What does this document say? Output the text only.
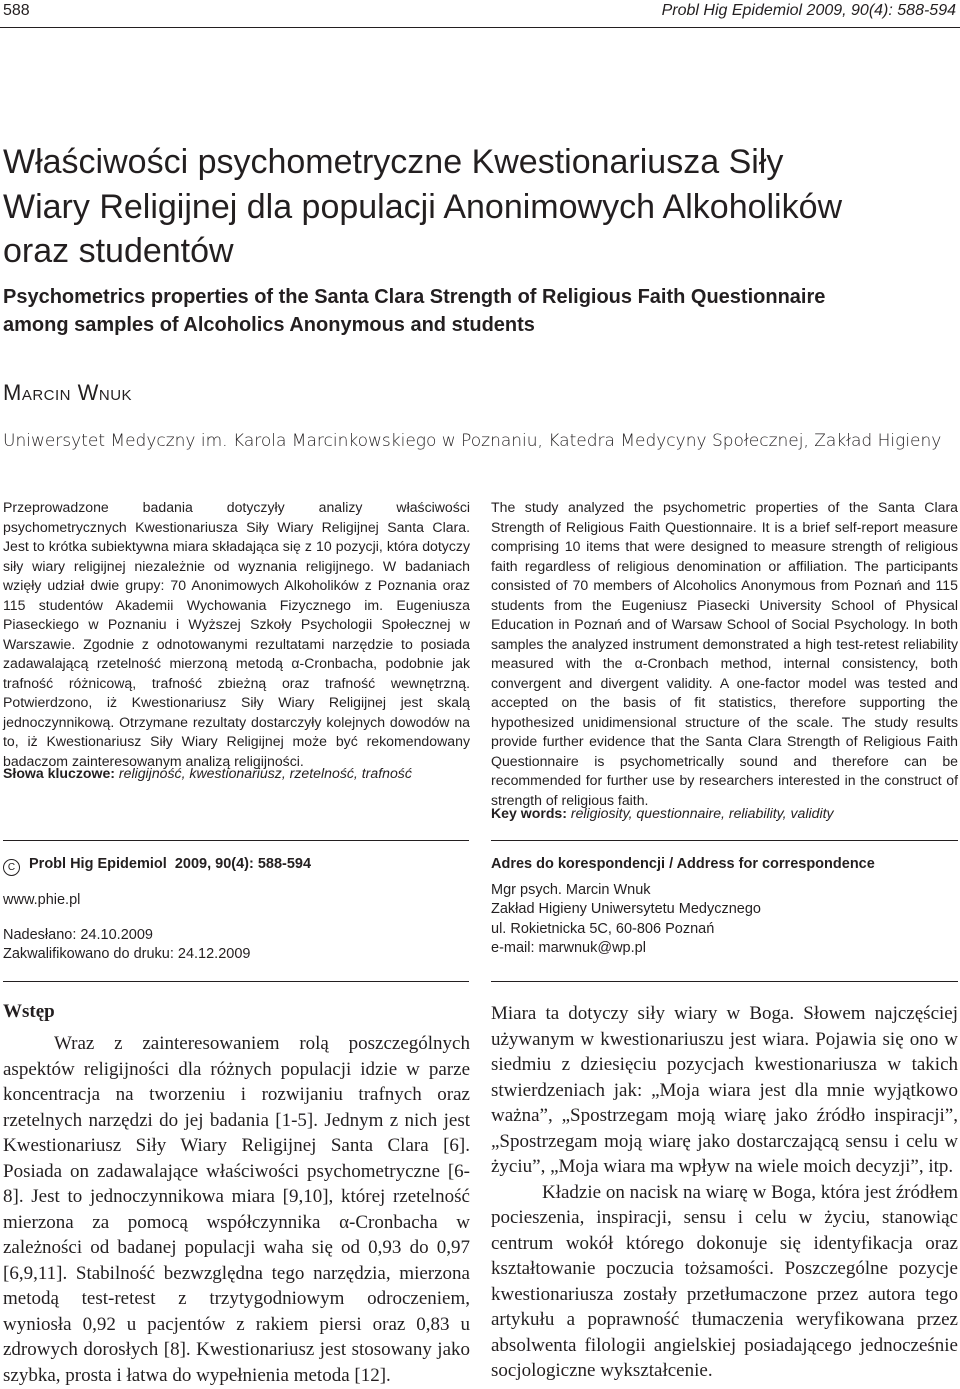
588	Probl Hig Epidemiol 2009, 90(4): 588-594
Właściwości psychometryczne Kwestionariusza Siły
Wiary Religijnej dla populacji Anonimowych Alkoholików
oraz studentów
Psychometrics properties of the Santa Clara Strength of Religious Faith Questionnaire
among samples of Alcoholics Anonymous and students
Marcin Wnuk
Uniwersytet Medyczny im. Karola Marcinkowskiego w Poznaniu, Katedra Medycyny Społecznej, Zakład Higieny
Przeprowadzone badania dotyczyły analizy właściwości psychometrycznych Kwestionariusza Siły Wiary Religijnej Santa Clara. Jest to krótka subiektywna miara składająca się z 10 pozycji, która dotyczy siły wiary religijnej niezależnie od wyznania religijnego. W badaniach wzięły udział dwie grupy: 70 Anonimowych Alkoholików z Poznania oraz 115 studentów Akademii Wychowania Fizycznego im. Eugeniusza Piaseckiego w Poznaniu i Wyższej Szkoły Psychologii Społecznej w Warszawie. Zgodnie z odnotowanymi rezultatami narzędzie to posiada zadawalającą rzetelność mierzoną metodą α-Cronbacha, podobnie jak trafność różnicową, trafność zbieżną oraz trafność wewnętrzną. Potwierdzono, iż Kwestionariusz Siły Wiary Religijnej jest skalą jednoczynnikową. Otrzymane rezultaty dostarczyły kolejnych dowodów na to, iż Kwestionariusz Siły Wiary Religijnej może być rekomendowany badaczom zainteresowanym analizą religijności.
Słowa kluczowe: religijność, kwestionariusz, rzetelność, trafność
The study analyzed the psychometric properties of the Santa Clara Strength of Religious Faith Questionnaire. It is a brief self-report measure comprising 10 items that were designed to measure strength of religious faith regardless of religious denomination or affiliation. The participants consisted of 70 members of Alcoholics Anonymous from Poznań and 115 students from the Eugeniusz Piasecki University School of Physical Education in Poznań and of Warsaw School of Social Psychology. In both samples the analyzed instrument demonstrated a high test-retest reliability measured with the α-Cronbach method, internal consistency, both convergent and divergent validity. A one-factor model was tested and accepted on the basis of fit statistics, therefore supporting the hypothesized unidimensional structure of the scale. The study results provide further evidence that the Santa Clara Strength of Religious Faith Questionnaire is psychometrically sound and therefore can be recommended for further use by researchers interested in the construct of strength of religious faith.
Key words: religiosity, questionnaire, reliability, validity
C Probl Hig Epidemiol 2009, 90(4): 588-594
www.phie.pl
Nadesłano: 24.10.2009
Zakwalifikowano do druku: 24.12.2009
Adres do korespondencji / Address for correspondence
Mgr psych. Marcin Wnuk
Zakład Higieny Uniwersytetu Medycznego
ul. Rokietnicka 5C, 60-806 Poznań
e-mail: marwnuk@wp.pl
Wstęp

Wraz z zainteresowaniem rolą poszczególnych aspektów religijności dla różnych populacji idzie w parze koncentracja na tworzeniu i rozwijaniu trafnych oraz rzetelnych narzędzi do jej badania [1-5]. Jednym z nich jest Kwestionariusz Siły Wiary Religijnej Santa Clara [6]. Posiada on zadawalające właściwości psychometryczne [6-8]. Jest to jednoczynnikowa miara [9,10], której rzetelność mierzona za pomocą współczynnika α-Cronbacha w zależności od badanej populacji waha się od 0,93 do 0,97 [6,9,11]. Stabilność bezwzględna tego narzędzia, mierzona metodą test-retest z trzytygodniowym odroczeniem, wyniosła 0,92 u pacjentów z rakiem piersi oraz 0,83 u zdrowych dorosłych [8]. Kwestionariusz jest stosowany jako szybka, prosta i łatwa do wypełnienia metoda [12].

Miara ta dotyczy siły wiary w Boga. Słowem najczęściej używanym w kwestionariuszu jest wiara. Pojawia się ono w siedmiu z dziesięciu pozycjach kwestionariusza w takich stwierdzeniach jak: „Moja wiara jest dla mnie wyjątkowo ważna”, „Spostrzegam moją wiarę jako źródło inspiracji”, „Spostrzegam moją wiarę jako dostarczającą sensu i celu w życiu”, „Moja wiara ma wpływ na wiele moich decyzji”, itp.

Kładzie on nacisk na wiarę w Boga, która jest źródłem pocieszenia, inspiracji, sensu i celu w życiu, stanowiąc centrum wokół którego dokonuje się identyfikacja oraz kształtowanie poczucia tożsamości. Poszczególne pozycje kwestionariusza zostały przetłumaczone przez autora tego artykułu a poprawność tłumaczenia weryfikowana przez absolwenta filologii angielskiej posiadającego jednocześnie socjologiczne wykształcenie.
